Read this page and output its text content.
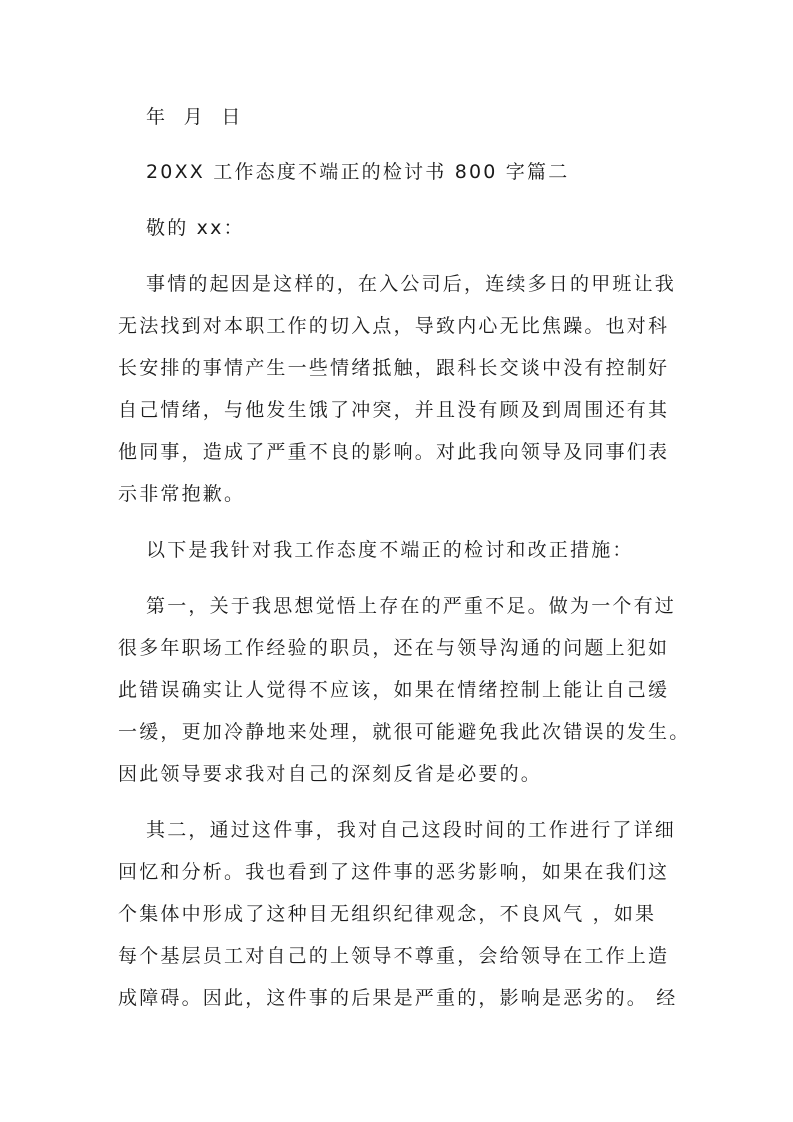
年  月  日

20XX 工作态度不端正的检讨书 800 字篇二

敬的 xx：

事情的起因是这样的，在入公司后，连续多日的甲班让我

无法找到对本职工作的切入点，导致内心无比焦躁。也对科

长安排的事情产生一些情绪抵触，跟科长交谈中没有控制好

自己情绪，与他发生饿了冲突，并且没有顾及到周围还有其

他同事，造成了严重不良的影响。对此我向领导及同事们表

示非常抱歉。

以下是我针对我工作态度不端正的检讨和改正措施：

第一，关于我思想觉悟上存在的严重不足。做为一个有过

很多年职场工作经验的职员，还在与领导沟通的问题上犯如

此错误确实让人觉得不应该，如果在情绪控制上能让自己缓

一缓，更加冷静地来处理，就很可能避免我此次错误的发生。

因此领导要求我对自己的深刻反省是必要的。

其二，通过这件事，我对自己这段时间的工作进行了详细

回忆和分析。我也看到了这件事的恶劣影响，如果在我们这

个集体中形成了这种目无组织纪律观念，不良风气 ，如果

每个基层员工对自己的上领导不尊重，会给领导在工作上造

成障碍。因此，这件事的后果是严重的，影响是恶劣的。 经
